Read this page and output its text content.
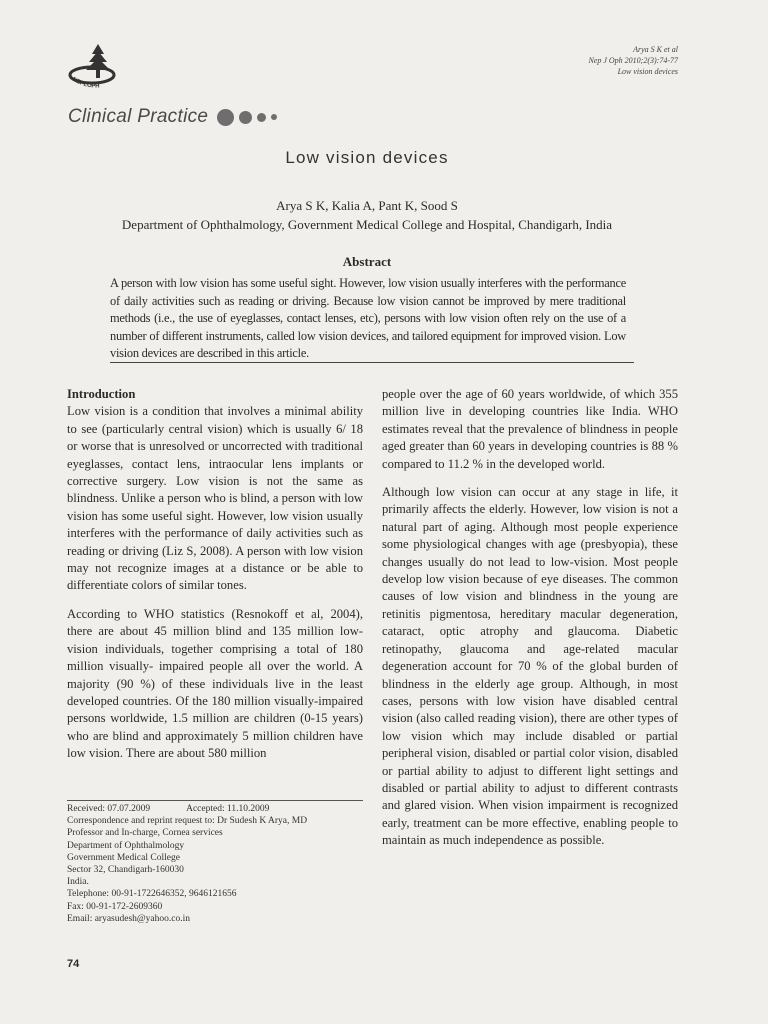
NEPLOPH
Arya S K et al
Nep J Oph 2010;2(3):74-77
Low vision devices
Clinical Practice
Low vision devices
Arya S K, Kalia A, Pant K, Sood S
Department of Ophthalmology, Government Medical College and Hospital, Chandigarh, India
Abstract
A person with low vision has some useful sight. However, low vision usually interferes with the performance of daily activities such as reading or driving. Because low vision cannot be improved by mere traditional methods (i.e., the use of eyeglasses, contact lenses, etc), persons with low vision often rely on the use of a number of different instruments, called low vision devices, and tailored equipment for improved vision. Low vision devices are described in this article.
Introduction

Low vision is a condition that involves a minimal ability to see (particularly central vision) which is usually 6/ 18 or worse that is unresolved or uncorrected with traditional eyeglasses, contact lens, intraocular lens implants or corrective surgery. Low vision is not the same as blindness. Unlike a person who is blind, a person with low vision has some useful sight. However, low vision usually interferes with the performance of daily activities such as reading or driving (Liz S, 2008). A person with low vision may not recognize images at a distance or be able to differentiate colors of similar tones.

According to WHO statistics (Resnokoff et al, 2004), there are about 45 million blind and 135 million low-vision individuals, together comprising a total of 180 million visually- impaired people all over the world. A majority (90 %) of these individuals live in the least developed countries. Of the 180 million visually-impaired persons worldwide, 1.5 million are children (0-15 years) who are blind and approximately 5 million children have low vision. There are about 580 million

people over the age of 60 years worldwide, of which 355 million live in developing countries like India. WHO estimates reveal that the prevalence of blindness in people aged greater than 60 years in developing countries is 88 % compared to 11.2 % in the developed world.

Although low vision can occur at any stage in life, it primarily affects the elderly. However, low vision is not a natural part of aging. Although most people experience some physiological changes with age (presbyopia), these changes usually do not lead to low-vision. Most people develop low vision because of eye diseases. The common causes of low vision and blindness in the young are retinitis pigmentosa, hereditary macular degeneration, cataract, optic atrophy and glaucoma. Diabetic retinopathy, glaucoma and age-related macular degeneration account for 70 % of the global burden of blindness in the elderly age group. Although, in most cases, persons with low vision have disabled central vision (also called reading vision), there are other types of low vision which may include disabled or partial peripheral vision, disabled or partial color vision, disabled or partial ability to adjust to different light settings and disabled or partial ability to adjust to different contrasts and glared vision. When vision impairment is recognized early, treatment can be more effective, enabling people to maintain as much independence as possible.

Received: 07.07.2009	Accepted: 11.10.2009
Correspondence and reprint request to: Dr Sudesh K Arya, MD
Professor and In-charge, Cornea services
Department of Ophthalmology
Government Medical College
Sector 32, Chandigarh-160030
India.
Telephone: 00-91-1722646352, 9646121656
Fax: 00-91-172-2609360
Email: aryasudesh@yahoo.co.in
74
